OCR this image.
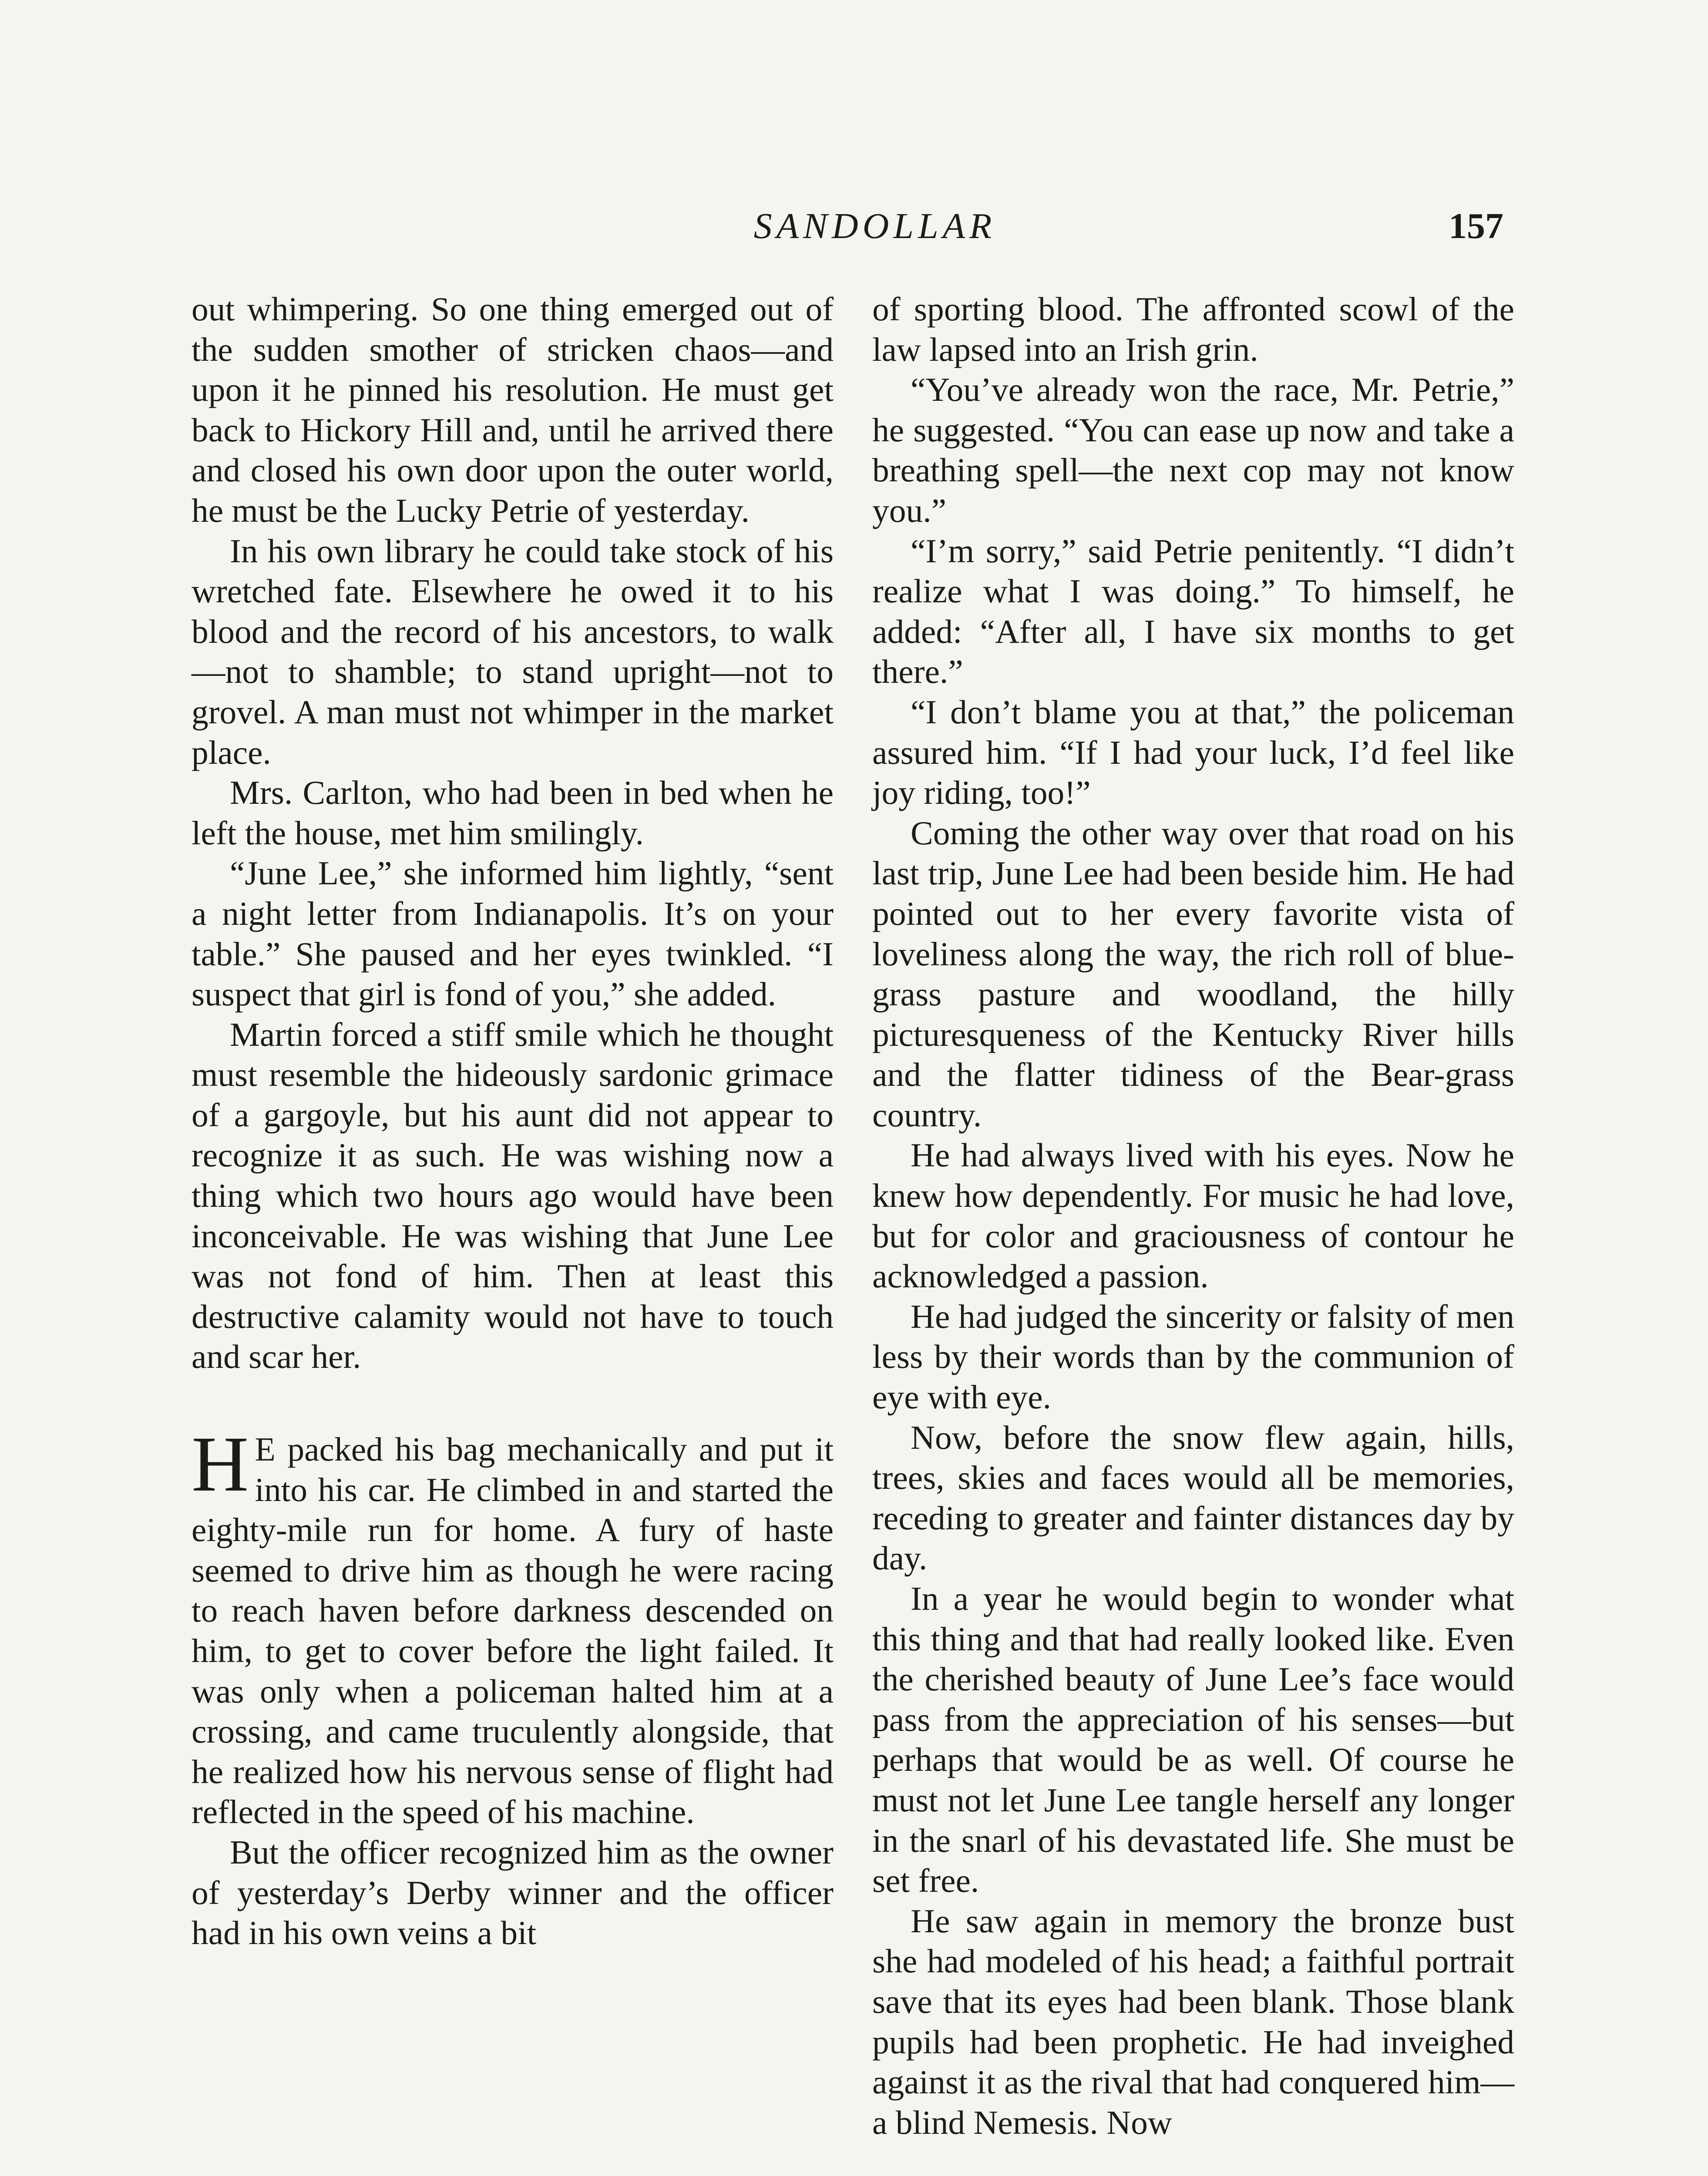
SANDOLLAR	157

out whimpering. So one thing emerged out of the sudden smother of stricken chaos—and upon it he pinned his resolution. He must get back to Hickory Hill and, until he arrived there and closed his own door upon the outer world, he must be the Lucky Petrie of yesterday.

In his own library he could take stock of his wretched fate. Elsewhere he owed it to his blood and the record of his ancestors, to walk—not to shamble; to stand upright—not to grovel. A man must not whimper in the market place.

Mrs. Carlton, who had been in bed when he left the house, met him smilingly.

“June Lee,” she informed him lightly, “sent a night letter from Indianapolis. It’s on your table.” She paused and her eyes twinkled. “I suspect that girl is fond of you,” she added.

Martin forced a stiff smile which he thought must resemble the hideously sardonic grimace of a gargoyle, but his aunt did not appear to recognize it as such. He was wishing now a thing which two hours ago would have been inconceivable. He was wishing that June Lee was not fond of him. Then at least this destructive calamity would not have to touch and scar her.

H E packed his bag mechanically and put it into his car. He climbed in and started the eighty-mile run for home. A fury of haste seemed to drive him as though he were racing to reach haven before darkness descended on him, to get to cover before the light failed. It was only when a policeman halted him at a crossing, and came truculently alongside, that he realized how his nervous sense of flight had reflected in the speed of his machine.

But the officer recognized him as the owner of yesterday’s Derby winner and the officer had in his own veins a bit

of sporting blood. The affronted scowl of the law lapsed into an Irish grin.

“You’ve already won the race, Mr. Petrie,” he suggested. “You can ease up now and take a breathing spell—the next cop may not know you.”

“I’m sorry,” said Petrie penitently. “I didn’t realize what I was doing.” To himself, he added: “After all, I have six months to get there.”

“I don’t blame you at that,” the policeman assured him. “If I had your luck, I’d feel like joy riding, too!”

Coming the other way over that road on his last trip, June Lee had been beside him. He had pointed out to her every favorite vista of loveliness along the way, the rich roll of blue-grass pasture and woodland, the hilly picturesqueness of the Kentucky River hills and the flatter tidiness of the Bear-grass country.

He had always lived with his eyes. Now he knew how dependently. For music he had love, but for color and graciousness of contour he acknowledged a passion.

He had judged the sincerity or falsity of men less by their words than by the communion of eye with eye.

Now, before the snow flew again, hills, trees, skies and faces would all be memories, receding to greater and fainter distances day by day.

In a year he would begin to wonder what this thing and that had really looked like. Even the cherished beauty of June Lee’s face would pass from the appreciation of his senses—but perhaps that would be as well. Of course he must not let June Lee tangle herself any longer in the snarl of his devastated life. She must be set free.

He saw again in memory the bronze bust she had modeled of his head; a faithful portrait save that its eyes had been blank. Those blank pupils had been prophetic. He had inveighed against it as the rival that had conquered him—a blind Nemesis. Now
